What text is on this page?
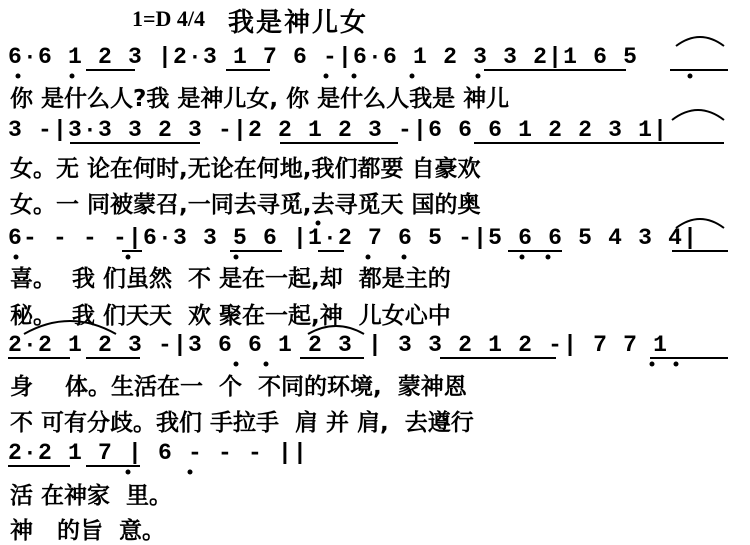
1=D 4/4 我是神儿女
6·6 1 2 3 |2·3 1 7 6 -|6·6 1 2 3 3 2|1 6 5
你 是什么人?我 是神儿女, 你 是什么人我是 神儿
3 -|3·3 3 2 3 -|2 2 1 2 3 -|6 6 6 1 2 2 3 1|
女。无 论在何时,无论在何地,我们都要 自豪欢
女。一 同被蒙召,一同去寻觅,去寻觅天 国的奥
6- - - -|6·3 3 5 6 |1·2 7 6 5 -|5 6 6 5 4 3 4|
喜。  我 们虽然  不 是在一起,却  都是主的
秘。  我 们天天  欢 聚在一起,神  儿女心中
2·2 1 2 3 -|3 6 6 1 2 3 | 3 3 2 1 2 -| 7 7 1
身    体。生活在一  个  不同的环境,  蒙神恩
不 可有分歧。我们 手拉手  肩 并 肩,  去遵行
2·2 1 7 | 6 - - - ||
活 在神家  里。
神   的旨  意。
